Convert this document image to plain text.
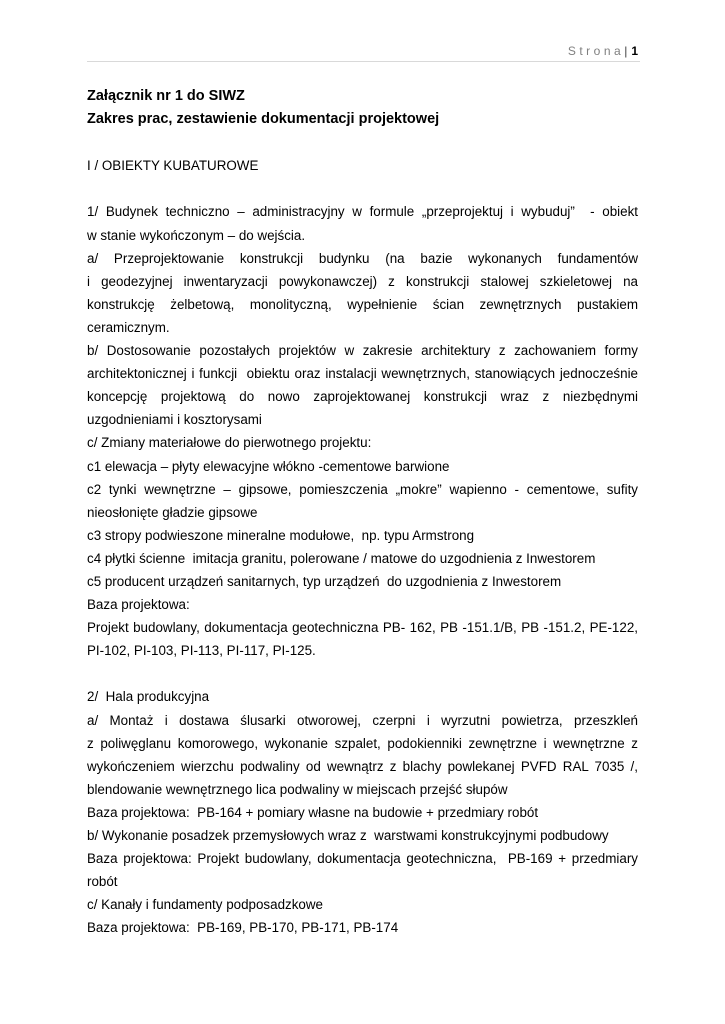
Strona| 1
Załącznik nr 1 do SIWZ
Zakres prac, zestawienie dokumentacji projektowej
I / OBIEKTY KUBATUROWE
1/ Budynek techniczno – administracyjny w formule „przeprojektuj i wybuduj”  - obiekt
w stanie wykończonym – do wejścia.
a/ Przeprojektowanie konstrukcji budynku (na bazie wykonanych fundamentów
i geodezyjnej inwentaryzacji powykonawczej) z konstrukcji stalowej szkieletowej na
konstrukcję żelbetową, monolityczną, wypełnienie ścian zewnętrznych pustakiem
ceramicznym.
b/ Dostosowanie pozostałych projektów w zakresie architektury z zachowaniem formy
architektonicznej i funkcji  obiektu oraz instalacji wewnętrznych, stanowiących jednocześnie
koncepcję projektową do nowo zaprojektowanej konstrukcji wraz z niezbędnymi
uzgodnieniami i kosztorysami
c/ Zmiany materiałowe do pierwotnego projektu:
c1 elewacja – płyty elewacyjne włókno -cementowe barwione
c2 tynki wewnętrzne – gipsowe, pomieszczenia „mokre” wapienno - cementowe, sufity
nieosłonięte gładzie gipsowe
c3 stropy podwieszone mineralne modułowe,  np. typu Armstrong
c4 płytki ścienne  imitacja granitu, polerowane / matowe do uzgodnienia z Inwestorem
c5 producent urządzeń sanitarnych, typ urządzeń  do uzgodnienia z Inwestorem
Baza projektowa:
Projekt budowlany, dokumentacja geotechniczna PB- 162, PB -151.1/B, PB -151.2, PE-122,
PI-102, PI-103, PI-113, PI-117, PI-125.
2/  Hala produkcyjna
a/ Montaż i dostawa ślusarki otworowej, czerpni i wyrzutni powietrza, przeszkleń
z poliwęglanu komorowego, wykonanie szpalet, podokienniki zewnętrzne i wewnętrzne z
wykończeniem wierzchu podwaliny od wewnątrz z blachy powlekanej PVFD RAL 7035 /,
blendowanie wewnętrznego lica podwaliny w miejscach przejść słupów
Baza projektowa:  PB-164 + pomiary własne na budowie + przedmiary robót
b/ Wykonanie posadzek przemysłowych wraz z  warstwami konstrukcyjnymi podbudowy
Baza projektowa: Projekt budowlany, dokumentacja geotechniczna,  PB-169 + przedmiary
robót
c/ Kanały i fundamenty podposadzkowe
Baza projektowa:  PB-169, PB-170, PB-171, PB-174
